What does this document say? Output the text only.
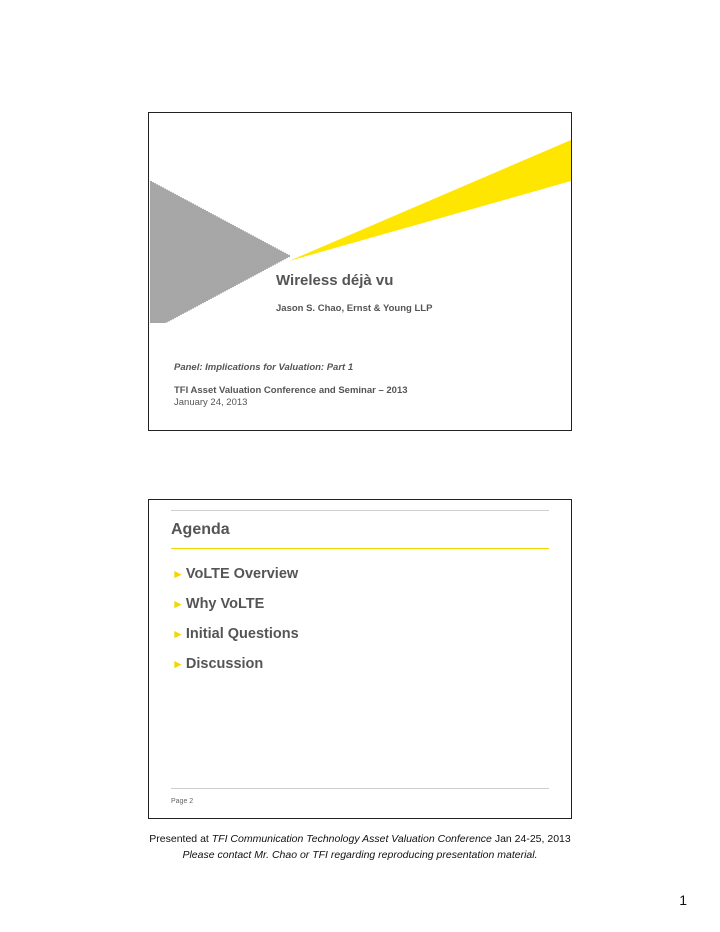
Wireless déjà vu
Jason S. Chao, Ernst & Young LLP
Panel: Implications for Valuation: Part 1
TFI Asset Valuation Conference and Seminar – 2013
January 24, 2013
Agenda
► VoLTE Overview
► Why VoLTE
► Initial Questions
► Discussion
Page 2
Presented at TFI Communication Technology Asset Valuation Conference Jan 24-25, 2013
Please contact Mr. Chao or TFI regarding reproducing presentation material.
1
